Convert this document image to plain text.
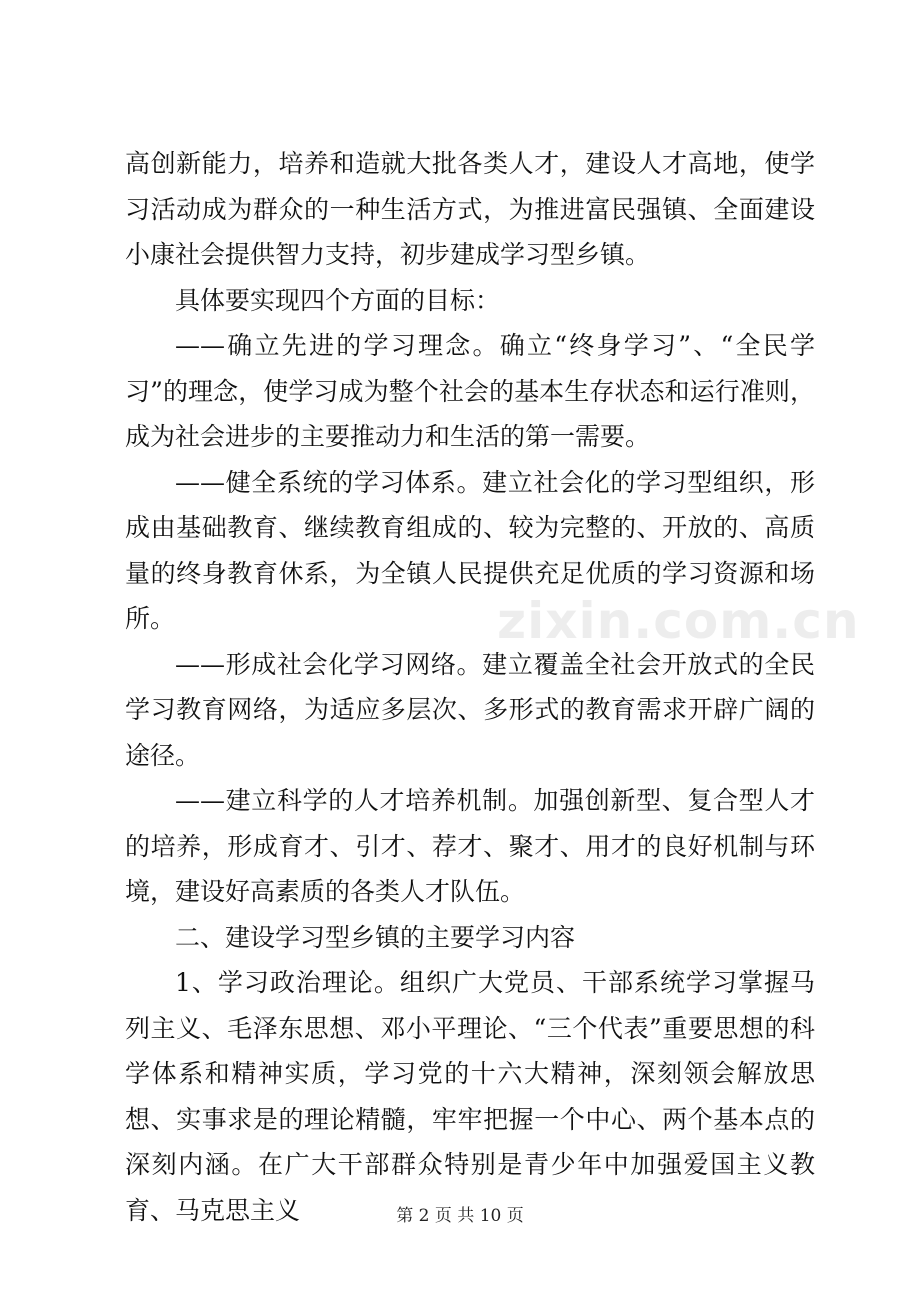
高创新能力，培养和造就大批各类人才，建设人才高地，使学习活动成为群众的一种生活方式，为推进富民强镇、全面建设小康社会提供智力支持，初步建成学习型乡镇。

具体要实现四个方面的目标：

——确立先进的学习理念。确立“终身学习”、“全民学习”的理念，使学习成为整个社会的基本生存状态和运行准则，成为社会进步的主要推动力和生活的第一需要。

——健全系统的学习体系。建立社会化的学习型组织，形成由基础教育、继续教育组成的、较为完整的、开放的、高质量的终身教育休系，为全镇人民提供充足优质的学习资源和场所。

——形成社会化学习网络。建立覆盖全社会开放式的全民学习教育网络，为适应多层次、多形式的教育需求开辟广阔的途径。

——建立科学的人才培养机制。加强创新型、复合型人才的培养，形成育才、引才、荐才、聚才、用才的良好机制与环境，建设好高素质的各类人才队伍。

二、建设学习型乡镇的主要学习内容

1、学习政治理论。组织广大党员、干部系统学习掌握马列主义、毛泽东思想、邓小平理论、“三个代表”重要思想的科学体系和精神实质，学习党的十六大精神，深刻领会解放思想、实事求是的理论精髓，牢牢把握一个中心、两个基本点的深刻内涵。在广大干部群众特别是青少年中加强爱国主义教育、马克思主义

zixin.com.cn
第 2 页 共 10 页
